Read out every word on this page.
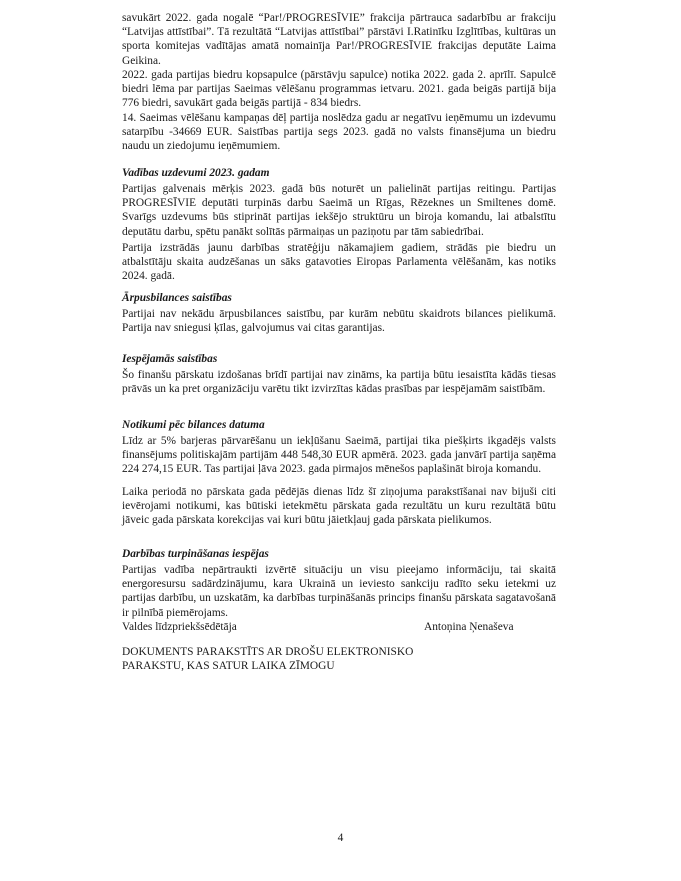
savukārt 2022. gada nogalē “Par!/PROGRESĪVIE” frakcija pārtrauca sadarbību ar frakciju “Latvijas attīstībai”. Tā rezultātā “Latvijas attīstībai” pārstāvi I.Ratinīku Izglītības, kultūras un sporta komitejas vadītājas amatā nomainīja Par!/PROGRESĪVIE frakcijas deputāte Laima Geikina.
2022. gada partijas biedru kopsapulce (pārstāvju sapulce) notika 2022. gada 2. aprīlī. Sapulcē biedri lēma par partijas Saeimas vēlēšanu programmas ietvaru. 2021. gada beigās partijā bija 776 biedri, savukārt gada beigās partijā - 834 biedrs.
14. Saeimas vēlēšanu kampaņas dēļ partija noslēdza gadu ar negatīvu ieņēmumu un izdevumu satarpību -34669 EUR. Saistības partija segs 2023. gadā no valsts finansējuma un biedru naudu un ziedojumu ieņēmumiem.
Vadības uzdevumi 2023. gadam
Partijas galvenais mērķis 2023. gadā būs noturēt un palielināt partijas reitingu. Partijas PROGRESĪVIE deputāti turpinās darbu Saeimā un Rīgas, Rēzeknes un Smiltenes domē. Svarīgs uzdevums būs stiprināt partijas iekšējo struktūru un biroja komandu, lai atbalstītu deputātu darbu, spētu panākt solītās pārmaiņas un paziņotu par tām sabiedrībai.
Partija izstrādās jaunu darbības stratēģiju nākamajiem gadiem, strādās pie biedru un atbalstītāju skaita audzēšanas un sāks gatavoties Eiropas Parlamenta vēlēšanām, kas notiks 2024. gadā.
Ārpusbilances saistības
Partijai nav nekādu ārpusbilances saistību, par kurām nebūtu skaidrots bilances pielikumā. Partija nav sniegusi ķīlas, galvojumus vai citas garantijas.
Iespējamās saistības
Šo finanšu pārskatu izdošanas brīdī partijai nav zināms, ka partija būtu iesaistīta kādās tiesas prāvās un ka pret organizāciju varētu tikt izvirzītas kādas prasības par iespējamām saistībām.
Notikumi pēc bilances datuma
Līdz ar 5% barjeras pārvarēšanu un iekļūšanu Saeimā, partijai tika piešķirts ikgadējs valsts finansējums politiskajām partijām 448 548,30 EUR apmērā. 2023. gada janvārī partija saņēma 224 274,15 EUR. Tas partijai ļāva 2023. gada pirmajos mēnešos paplašināt biroja komandu.
Laika periodā no pārskata gada pēdējās dienas līdz šī ziņojuma parakstīšanai nav bijuši citi ievērojami notikumi, kas būtiski ietekmētu pārskata gada rezultātu un kuru rezultātā būtu jāveic gada pārskata korekcijas vai kuri būtu jāietkļauj gada pārskata pielikumos.
Darbības turpināšanas iespējas
Partijas vadība nepārtraukti izvērtē situāciju un visu pieejamo informāciju, tai skaitā energoresursu sadārdzinājumu, kara Ukrainā un ieviesto sankciju radīto seku ietekmi uz partijas darbību, un uzskatām, ka darbības turpināšanās princips finanšu pārskata sagatavošanā ir pilnībā piemērojams.
Valdes līdzpriekšsēdētāja	Antoņina Ņenaševa
DOKUMENTS PARAKSTĪTS AR DROŠU ELEKTRONISKO PARAKSTU, KAS SATUR LAIKA ZĪMOGU
4
